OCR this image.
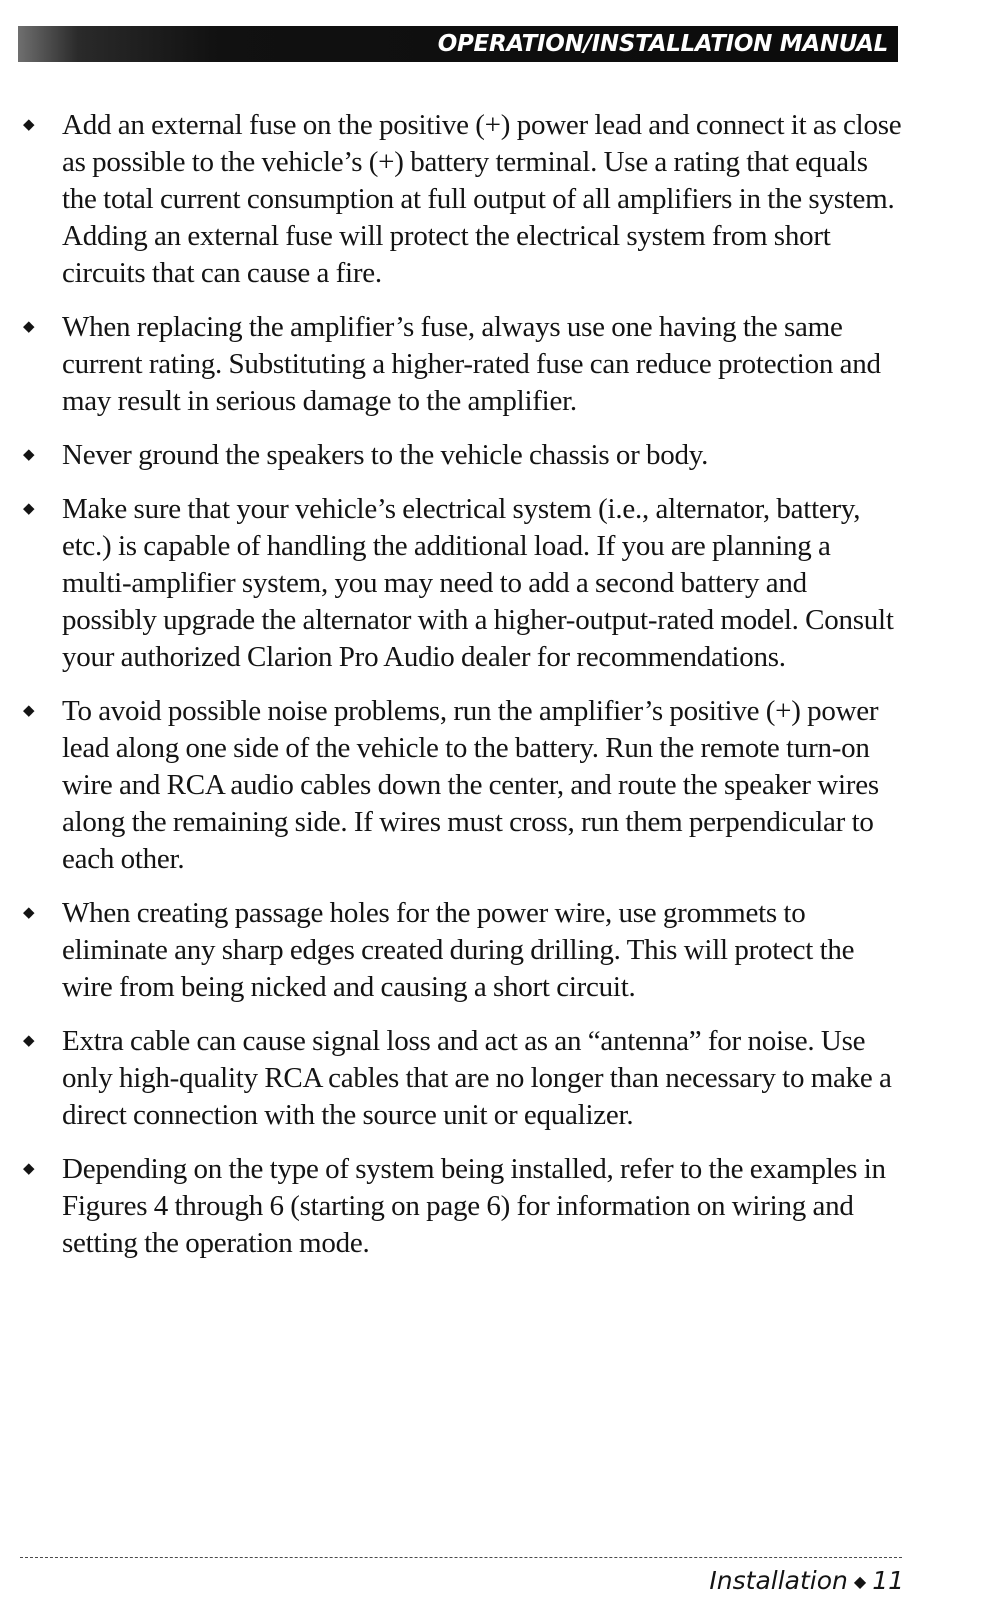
OPERATION/INSTALLATION MANUAL
◆ Add an external fuse on the positive (+) power lead and connect it as close as possible to the vehicle’s (+) battery terminal. Use a rating that equals the total current consumption at full output of all amplifiers in the system. Adding an external fuse will protect the electrical system from short circuits that can cause a fire.
◆ When replacing the amplifier’s fuse, always use one having the same current rating. Substituting a higher-rated fuse can reduce protection and may result in serious damage to the amplifier.
◆ Never ground the speakers to the vehicle chassis or body.
◆ Make sure that your vehicle’s electrical system (i.e., alternator, battery, etc.) is capable of handling the additional load. If you are planning a multi-amplifier system, you may need to add a second battery and possibly upgrade the alternator with a higher-output-rated model. Consult your authorized Clarion Pro Audio dealer for recommendations.
◆ To avoid possible noise problems, run the amplifier’s positive (+) power lead along one side of the vehicle to the battery. Run the remote turn-on wire and RCA audio cables down the center, and route the speaker wires along the remaining side. If wires must cross, run them perpendicular to each other.
◆ When creating passage holes for the power wire, use grommets to eliminate any sharp edges created during drilling. This will protect the wire from being nicked and causing a short circuit.
◆ Extra cable can cause signal loss and act as an “antenna” for noise. Use only high-quality RCA cables that are no longer than necessary to make a direct connection with the source unit or equalizer.
◆ Depending on the type of system being installed, refer to the examples in Figures 4 through 6 (starting on page 6) for information on wiring and setting the operation mode.
Installation ◆ 11
